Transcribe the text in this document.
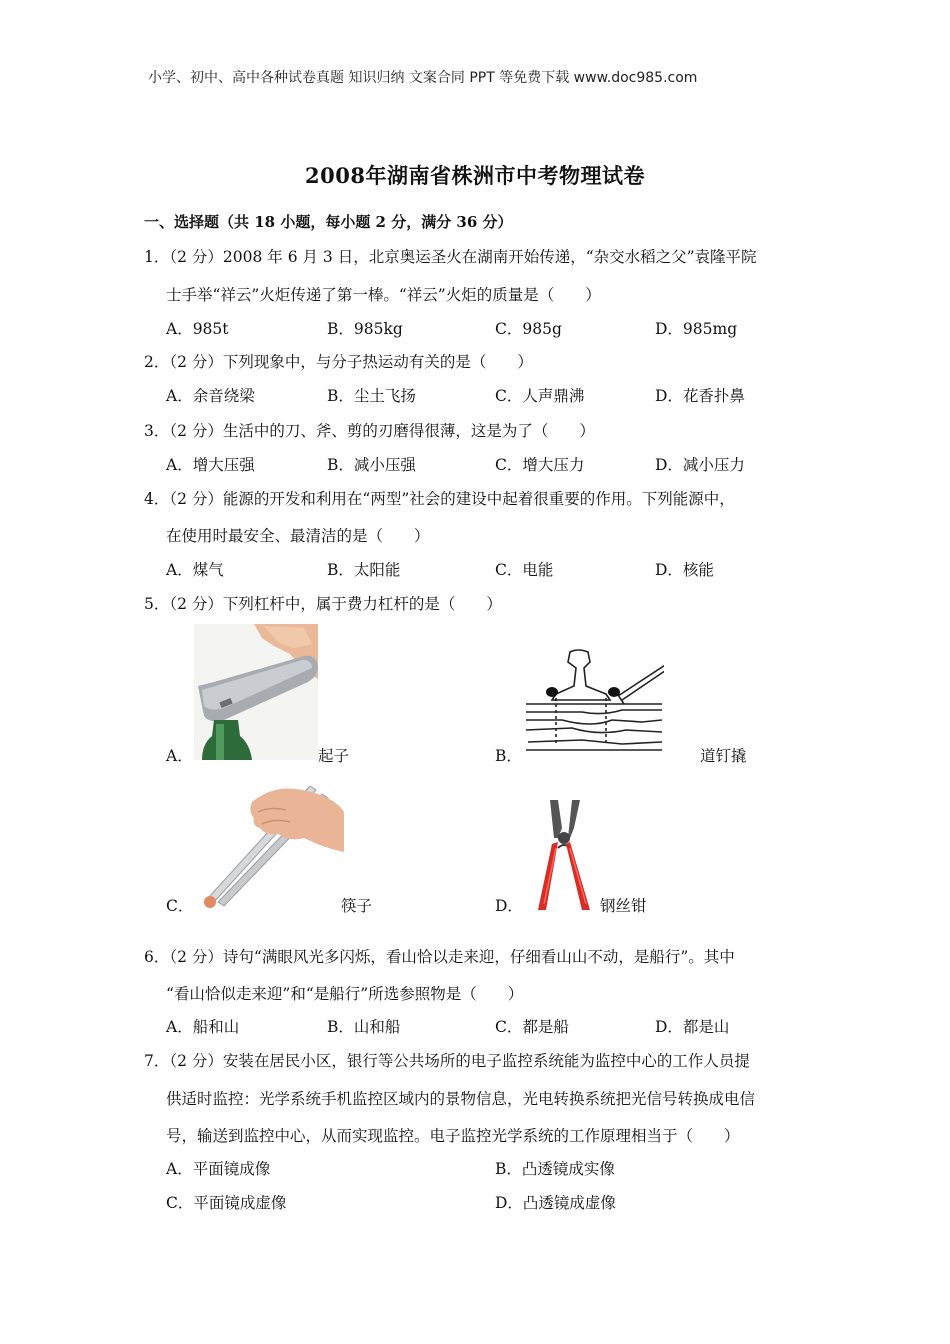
小学、初中、高中各种试卷真题 知识归纳 文案合同 PPT 等免费下载 www.doc985.com
2008年湖南省株洲市中考物理试卷
一、选择题（共 18 小题，每小题 2 分，满分 36 分）
1．（2 分）2008 年 6 月 3 日，北京奥运圣火在湖南开始传递，“杂交水稻之父”袁隆平院
士手举“祥云”火炬传递了第一棒。“祥云”火炬的质量是（　　）
A．985t	B．985kg	C．985g	D．985mg
2．（2 分）下列现象中，与分子热运动有关的是（　　）
A．余音绕梁	B．尘土飞扬	C．人声鼎沸	D．花香扑鼻
3．（2 分）生活中的刀、斧、剪的刃磨得很薄，这是为了（　　）
A．增大压强	B．减小压强	C．增大压力	D．减小压力
4．（2 分）能源的开发和利用在“两型”社会的建设中起着很重要的作用。下列能源中，
在使用时最安全、最清洁的是（　　）
A．煤气	B．太阳能	C．电能	D．核能
5．（2 分）下列杠杆中，属于费力杠杆的是（　　）
A．	起子	B．	道钉撬
C．	筷子	D．	钢丝钳
6．（2 分）诗句“满眼风光多闪烁，看山恰以走来迎，仔细看山山不动，是船行”。其中
“看山恰似走来迎”和“是船行”所选参照物是（　　）
A．船和山	B．山和船	C．都是船	D．都是山
7．（2 分）安装在居民小区，银行等公共场所的电子监控系统能为监控中心的工作人员提
供适时监控：光学系统手机监控区域内的景物信息，光电转换系统把光信号转换成电信
号，输送到监控中心，从而实现监控。电子监控光学系统的工作原理相当于（　　）
A．平面镜成像	B．凸透镜成实像
C．平面镜成虚像	D．凸透镜成虚像
